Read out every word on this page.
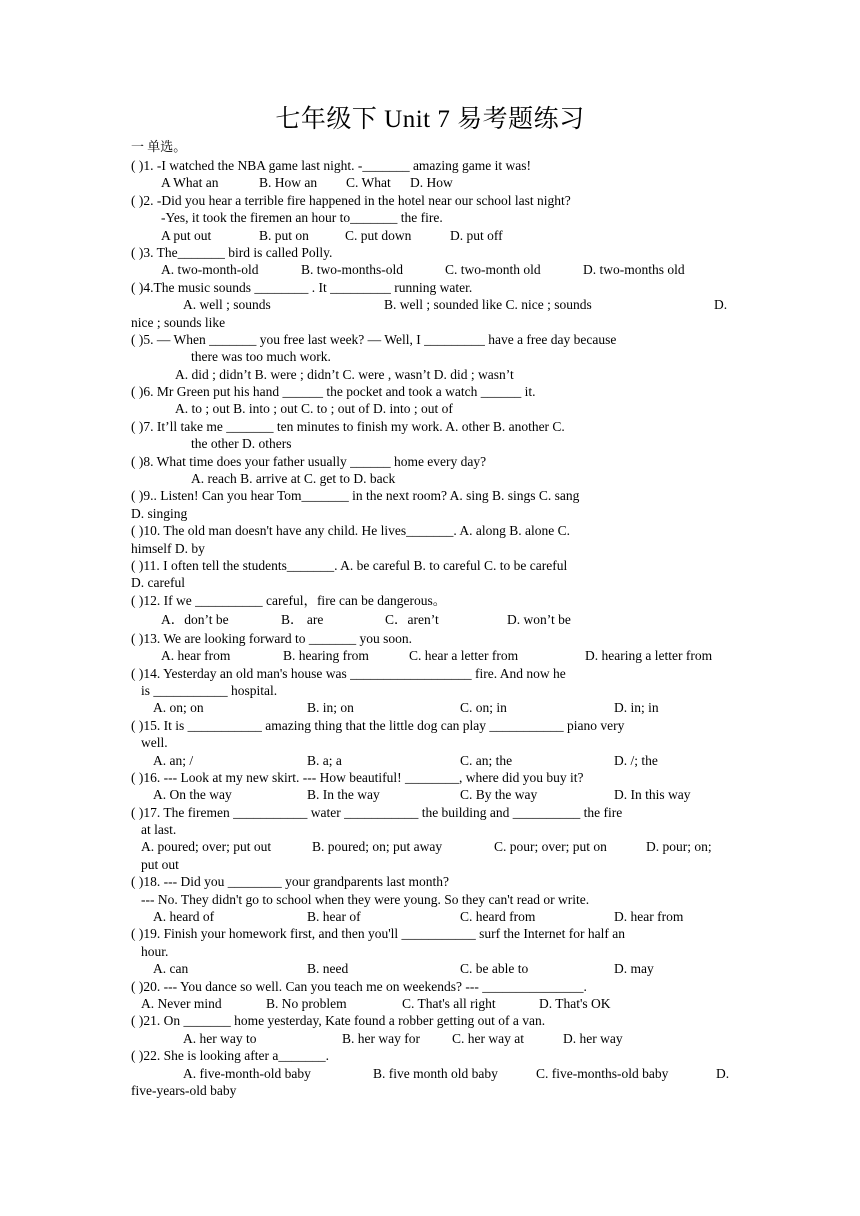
七年级下 Unit 7 易考题练习
一 单选。
( )1. -I watched the NBA game last night. -_______ amazing game it was!
A What an	B. How an	C. What	D. How
( )2. -Did you hear a terrible fire happened in the hotel near our school last night?
-Yes, it took the firemen an hour to_______ the fire.
A put out	B. put on	C. put down	D. put off
( )3. The_______ bird is called Polly.
A. two-month-old	B. two-months-old	C. two-month old	D. two-months old
( )4.The music sounds ________ . It _________ running water.
A. well ; sounds	B. well ; sounded like C. nice ; sounds	D.
nice ; sounds like
( )5. — When _______ you free last week? — Well, I _________ have a free day because
there was too much work.
A. did ; didn’t B. were ; didn’t C. were , wasn’t D. did ; wasn’t
( )6. Mr Green put his hand ______ the pocket and took a watch ______ it.
A. to ; out B. into ; out C. to ; out of D. into ; out of
( )7. It’ll take me _______ ten minutes to finish my work. A. other B. another C.
the other D. others
( )8. What time does your father usually ______ home every day?
A. reach B. arrive at C. get to D. back
( )9.. Listen! Can you hear Tom_______ in the next room? A. sing B. sings C. sang
D. singing
( )10. The old man doesn't have any child. He lives_______. A. along B. alone C.
himself D. by
( )11. I often tell the students_______. A. be careful B. to careful C. to be careful
D. careful
( )12. If we __________ careful，fire can be dangerous。
A．don’t be	B． are	C．aren’t	D. won’t be
( )13. We are looking forward to _______ you soon.
A. hear from	B. hearing from	C. hear a letter from	D. hearing a letter from
( )14. Yesterday an old man's house was __________________ fire. And now he
is ___________ hospital.
A. on; on	B. in; on	C. on; in	D. in; in
( )15. It is ___________ amazing thing that the little dog can play ___________ piano very
well.
A. an; /	B. a; a	C. an; the	D. /; the
( )16. --- Look at my new skirt. --- How beautiful! ________, where did you buy it?
A. On the way	B. In the way	C. By the way	D. In this way
( )17. The firemen ___________ water ___________ the building and __________ the fire
at last.
A. poured; over; put out	B. poured; on; put away	C. pour; over; put on	D. pour; on;
put out
( )18. --- Did you ________ your grandparents last month?
--- No. They didn't go to school when they were young. So they can't read or write.
A. heard of	B. hear of	C. heard from	D. hear from
( )19. Finish your homework first, and then you'll ___________ surf the Internet for half an
hour.
A. can	B. need	C. be able to	D. may
( )20. --- You dance so well. Can you teach me on weekends? --- _______________.
A. Never mind	B. No problem	C. That's all right	D. That's OK
( )21. On _______ home yesterday, Kate found a robber getting out of a van.
A. her way to	B. her way for	C. her way at	D. her way
( )22. She is looking after a_______.
A. five-month-old baby	B. five month old baby	C. five-months-old baby	D.
five-years-old baby
